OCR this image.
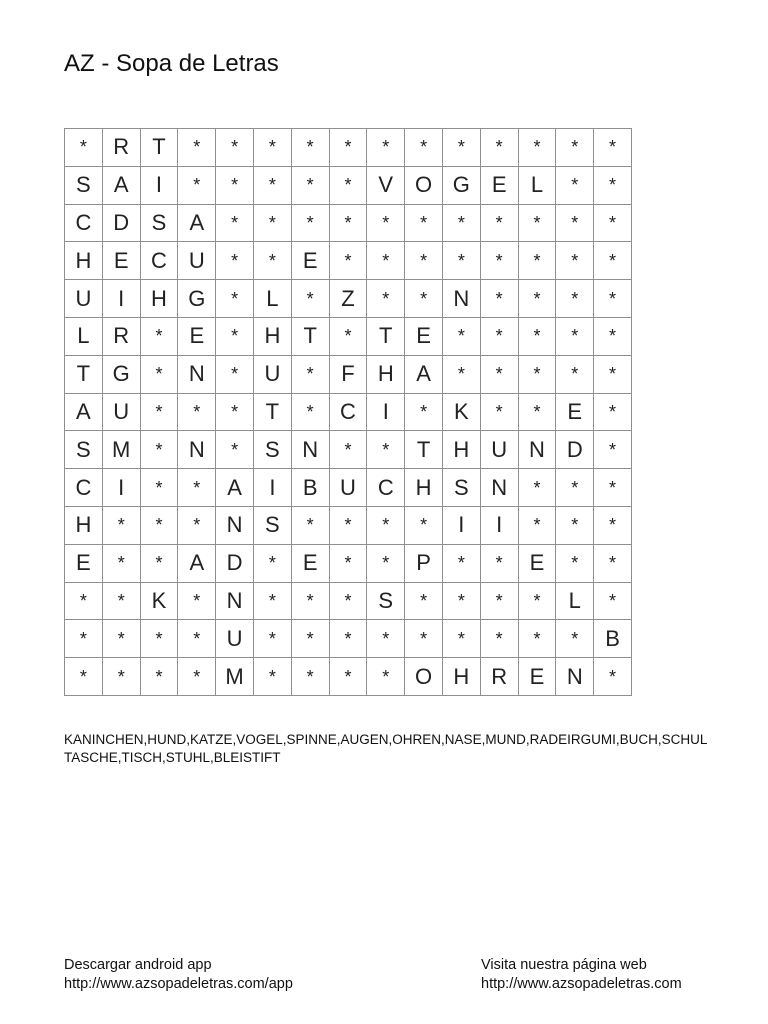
AZ - Sopa de Letras
*	R	T	*	*	*	*	*	*	*	*	*	*	*	*
S	A	I	*	*	*	*	*	V	O	G	E	L	*	*
C	D	S	A	*	*	*	*	*	*	*	*	*	*	*
H	E	C	U	*	*	E	*	*	*	*	*	*	*	*
U	I	H	G	*	L	*	Z	*	*	N	*	*	*	*
L	R	*	E	*	H	T	*	T	E	*	*	*	*	*
T	G	*	N	*	U	*	F	H	A	*	*	*	*	*
A	U	*	*	*	T	*	C	I	*	K	*	*	E	*
S	M	*	N	*	S	N	*	*	T	H	U	N	D	*
C	I	*	*	A	I	B	U	C	H	S	N	*	*	*
H	*	*	*	N	S	*	*	*	*	I	I	*	*	*
E	*	*	A	D	*	E	*	*	P	*	*	E	*	*
*	*	K	*	N	*	*	*	S	*	*	*	*	L	*
*	*	*	*	U	*	*	*	*	*	*	*	*	*	B
*	*	*	*	M	*	*	*	*	O	H	R	E	N	*
KANINCHEN,HUND,KATZE,VOGEL,SPINNE,AUGEN,OHREN,NASE,MUND,RADEIRGUMI,BUCH,SCHULTASCHE,TISCH,STUHL,BLEISTIFT
Descargar android app
http://www.azsopadeletras.com/app
Visita nuestra página web
http://www.azsopadeletras.com
